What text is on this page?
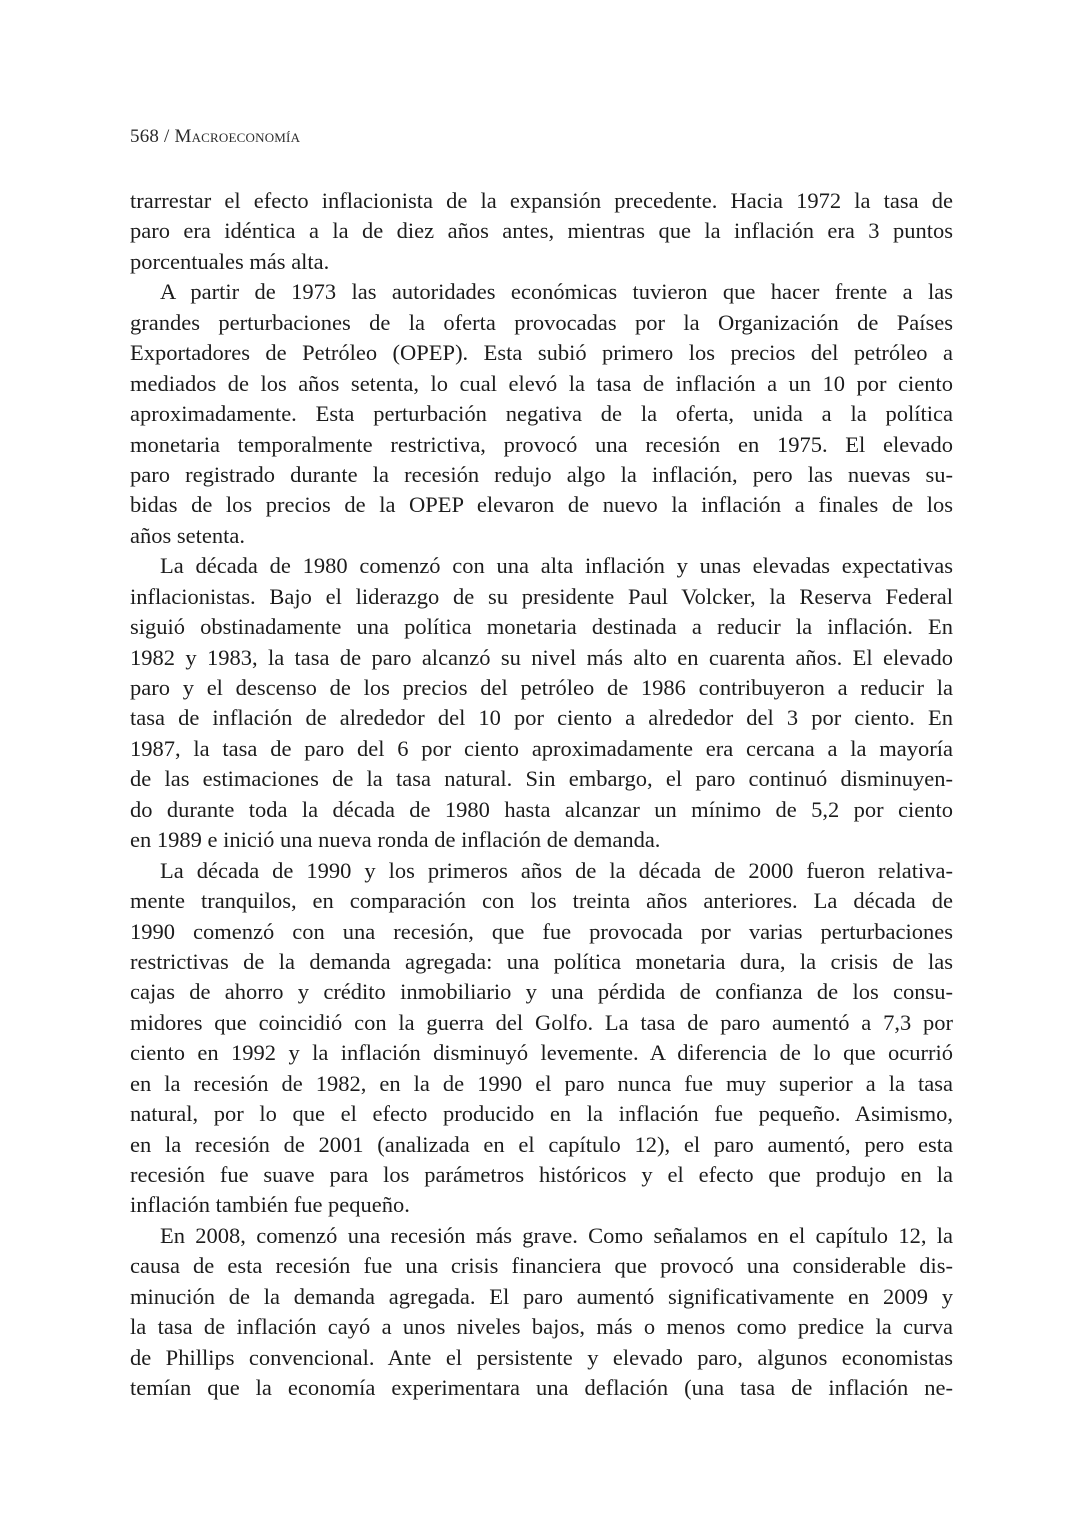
568 / Macroeconomía
trarrestar el efecto inflacionista de la expansión precedente. Hacia 1972 la tasa de
paro era idéntica a la de diez años antes, mientras que la inflación era 3 puntos
porcentuales más alta.
A partir de 1973 las autoridades económicas tuvieron que hacer frente a las
grandes perturbaciones de la oferta provocadas por la Organización de Países
Exportadores de Petróleo (OPEP). Esta subió primero los precios del petróleo a
mediados de los años setenta, lo cual elevó la tasa de inflación a un 10 por ciento
aproximadamente. Esta perturbación negativa de la oferta, unida a la política
monetaria temporalmente restrictiva, provocó una recesión en 1975. El elevado
paro registrado durante la recesión redujo algo la inflación, pero las nuevas su-
bidas de los precios de la OPEP elevaron de nuevo la inflación a finales de los
años setenta.
La década de 1980 comenzó con una alta inflación y unas elevadas expectativas
inflacionistas. Bajo el liderazgo de su presidente Paul Volcker, la Reserva Federal
siguió obstinadamente una política monetaria destinada a reducir la inflación. En
1982 y 1983, la tasa de paro alcanzó su nivel más alto en cuarenta años. El elevado
paro y el descenso de los precios del petróleo de 1986 contribuyeron a reducir la
tasa de inflación de alrededor del 10 por ciento a alrededor del 3 por ciento. En
1987, la tasa de paro del 6 por ciento aproximadamente era cercana a la mayoría
de las estimaciones de la tasa natural. Sin embargo, el paro continuó disminuyen-
do durante toda la década de 1980 hasta alcanzar un mínimo de 5,2 por ciento
en 1989 e inició una nueva ronda de inflación de demanda.
La década de 1990 y los primeros años de la década de 2000 fueron relativa-
mente tranquilos, en comparación con los treinta años anteriores. La década de
1990 comenzó con una recesión, que fue provocada por varias perturbaciones
restrictivas de la demanda agregada: una política monetaria dura, la crisis de las
cajas de ahorro y crédito inmobiliario y una pérdida de confianza de los consu-
midores que coincidió con la guerra del Golfo. La tasa de paro aumentó a 7,3 por
ciento en 1992 y la inflación disminuyó levemente. A diferencia de lo que ocurrió
en la recesión de 1982, en la de 1990 el paro nunca fue muy superior a la tasa
natural, por lo que el efecto producido en la inflación fue pequeño. Asimismo,
en la recesión de 2001 (analizada en el capítulo 12), el paro aumentó, pero esta
recesión fue suave para los parámetros históricos y el efecto que produjo en la
inflación también fue pequeño.
En 2008, comenzó una recesión más grave. Como señalamos en el capítulo 12, la
causa de esta recesión fue una crisis financiera que provocó una considerable dis-
minución de la demanda agregada. El paro aumentó significativamente en 2009 y
la tasa de inflación cayó a unos niveles bajos, más o menos como predice la curva
de Phillips convencional. Ante el persistente y elevado paro, algunos economistas
temían que la economía experimentara una deflación (una tasa de inflación ne-
